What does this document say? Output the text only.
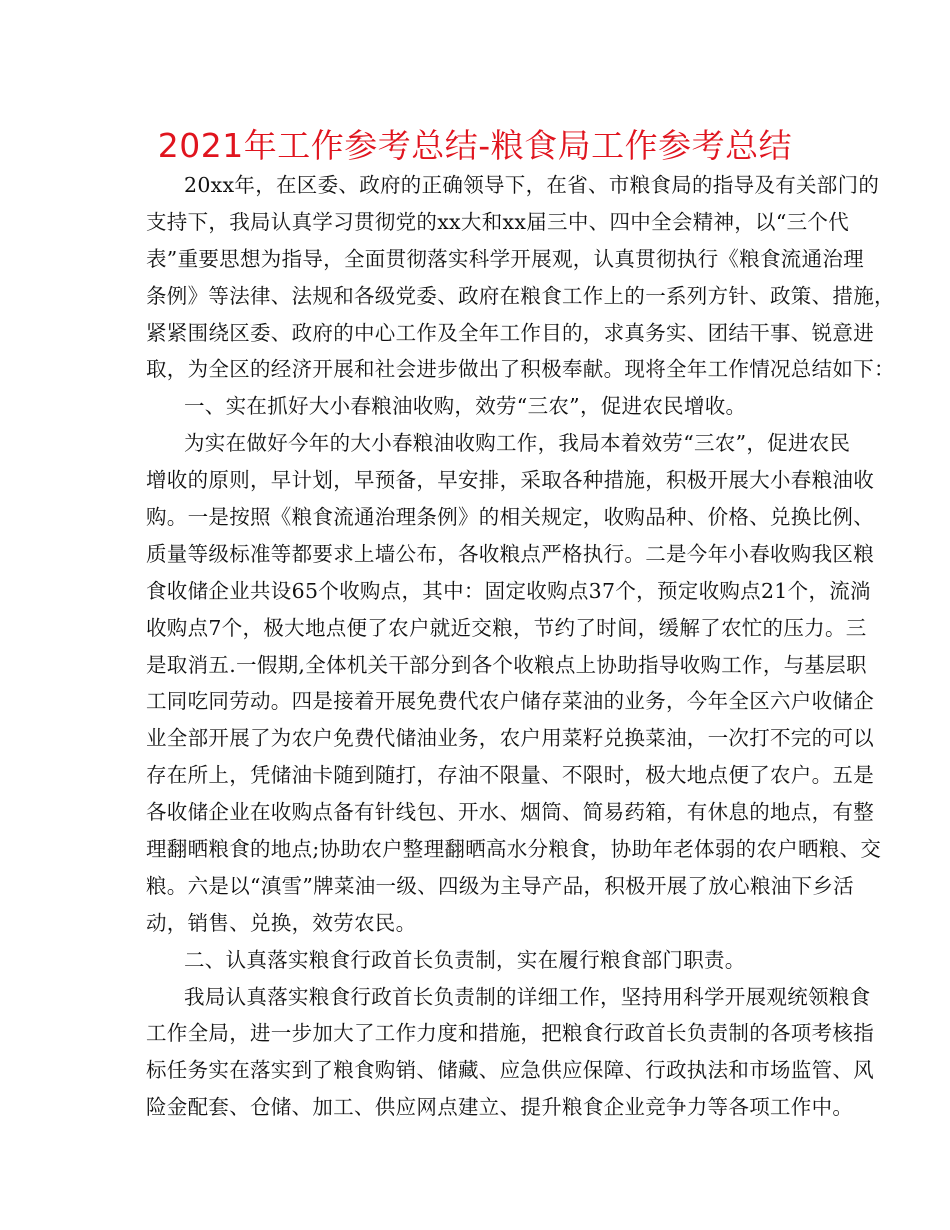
2021年工作参考总结-粮食局工作参考总结
20xx年，在区委、政府的正确领导下，在省、市粮食局的指导及有关部门的
支持下，我局认真学习贯彻党的xx大和xx届三中、四中全会精神，以“三个代
表”重要思想为指导，全面贯彻落实科学开展观，认真贯彻执行《粮食流通治理
条例》等法律、法规和各级党委、政府在粮食工作上的一系列方针、政策、措施，
紧紧围绕区委、政府的中心工作及全年工作目的，求真务实、团结干事、锐意进
取，为全区的经济开展和社会进步做出了积极奉献。现将全年工作情况总结如下：
一、实在抓好大小春粮油收购，效劳“三农”，促进农民增收。
为实在做好今年的大小春粮油收购工作，我局本着效劳“三农”，促进农民
增收的原则，早计划，早预备，早安排，采取各种措施，积极开展大小春粮油收
购。一是按照《粮食流通治理条例》的相关规定，收购品种、价格、兑换比例、
质量等级标准等都要求上墙公布，各收粮点严格执行。二是今年小春收购我区粮
食收储企业共设65个收购点，其中：固定收购点37个，预定收购点21个，流淌
收购点7个，极大地点便了农户就近交粮，节约了时间，缓解了农忙的压力。三
是取消五.一假期,全体机关干部分到各个收粮点上协助指导收购工作，与基层职
工同吃同劳动。四是接着开展免费代农户储存菜油的业务，今年全区六户收储企
业全部开展了为农户免费代储油业务，农户用菜籽兑换菜油，一次打不完的可以
存在所上，凭储油卡随到随打，存油不限量、不限时，极大地点便了农户。五是
各收储企业在收购点备有针线包、开水、烟筒、简易药箱，有休息的地点，有整
理翻晒粮食的地点;协助农户整理翻晒高水分粮食，协助年老体弱的农户晒粮、交
粮。六是以“滇雪”牌菜油一级、四级为主导产品，积极开展了放心粮油下乡活
动，销售、兑换，效劳农民。
二、认真落实粮食行政首长负责制，实在履行粮食部门职责。
我局认真落实粮食行政首长负责制的详细工作，坚持用科学开展观统领粮食
工作全局，进一步加大了工作力度和措施，把粮食行政首长负责制的各项考核指
标任务实在落实到了粮食购销、储藏、应急供应保障、行政执法和市场监管、风
险金配套、仓储、加工、供应网点建立、提升粮食企业竞争力等各项工作中。
